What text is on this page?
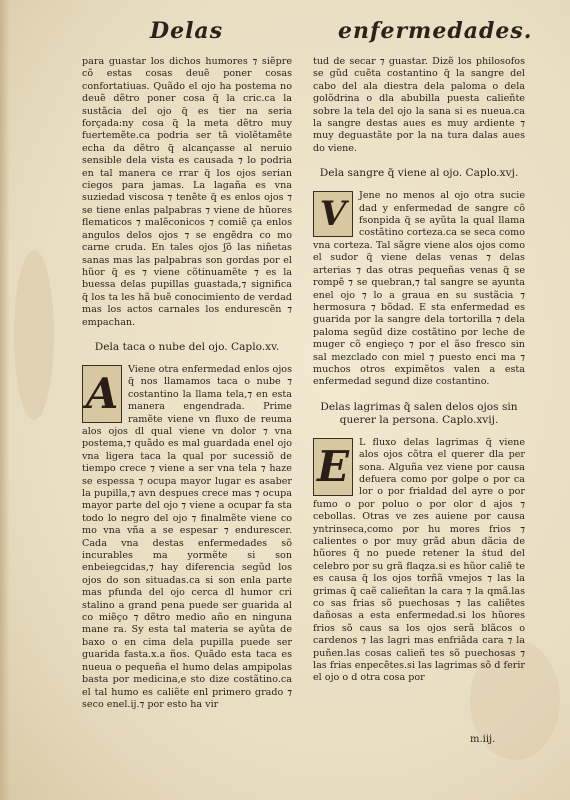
Delas	enfermedades.

para guastar los dichos humores ⁊ siẽpre cõ estas cosas deuẽ poner cosas confortatiuas. Quãdo el ojo ha postema no deuẽ dẽtro poner cosa q̃ la cric.ca la sustãcia del ojo q̃ es tier na seria forçada:ny cosa q̃ la meta dẽtro muy fuertemẽte.ca podria ser tã violẽtamẽte echa da dẽtro q̃ alcançasse al neruio sensible dela vista es causada ⁊ lo podria en tal manera ce rrar q̃ los ojos serian ciegos para jamas. La lagaña es vna suziedad viscosa ⁊ tenẽte q̃ es enlos ojos ⁊ se tiene enlas palpabras ⁊ viene de hũores flematicos ⁊ malẽconicos ⁊ comiẽ ça enlos angulos delos ojos ⁊ se engẽdra co mo carne cruda. En tales ojos ʃõ las niñetas sanas mas las palpabras son gordas por el hũor q̃ es ⁊ viene cõtinuamẽte ⁊ es la buessa delas pupillas guastada,⁊ significa q̃ los ta les hã buẽ conocimiento de verdad mas los actos carnales los endurescẽn ⁊ empachan.

Dela taca o nube del ojo. Caplo.xv.
A	Viene otra enfermedad enlos ojos q̃ nos llamamos taca o nube ⁊ costantino la llama tela,⁊ en esta manera engendrada. Prime ramẽte viene vn fluxo de reuma alos ojos dl qual viene vn dolor ⁊ vna postema,⁊ quãdo es mal guardada enel ojo vna ligera taca la qual por sucessiõ de tiempo crece ⁊ viene a ser vna tela ⁊ haze se espessa ⁊ ocupa mayor lugar es asaber la pupilla,⁊ avn despues crece mas ⁊ ocupa mayor parte del ojo ⁊ viene a ocupar fa sta todo lo negro del ojo ⁊ finalmẽte viene co mo vna vña a se espesar ⁊ endurescer. Cada vna destas enfermedades sõ incurables ma yormẽte si son enbeiegcidas,⁊ hay diferencia segũd los ojos do son situadas.ca si son enla parte mas pfunda del ojo cerca dl humor cri stalino a grand pena puede ser guarida al co miẽço ⁊ dẽtro medio año en ninguna mane ra. Sy esta tal materia se ayũta de baxo o en cima dela pupilla puede ser guarida fasta.x.a ños. Quãdo esta taca es nueua o pequeña el humo delas ampipolas basta por medicina,e sto dize costãtino.ca el tal humo es caliẽte enl primero grado ⁊ seco enel.ij.⁊ por esto ha vir

tud de secar ⁊ guastar. Dizẽ los philosofos se gũd cuẽta costantino q̃ la sangre del cabo del ala diestra dela paloma o dela golõdrina o dla abubilla puesta calieñte sobre la tela del ojo la sana si es nueua.ca la sangre destas aues es muy ardiente ⁊ muy deguastãte por la na tura dalas aues do viene.

Dela sangre q̃ viene al ojo. Caplo.xvj.
V	Jene no menos al ojo otra sucie dad y enfermedad de sangre cõ fsonpida q̃ se ayũta la qual llama costãtino corteza.ca se seca como vna corteza. Tal sãgre viene alos ojos como el sudor q̃ viene delas venas ⁊ delas arterias ⁊ das otras pequeñas venas q̃ se rompẽ ⁊ se quebran,⁊ tal sangre se ayunta enel ojo ⁊ lo a graua en su sustãcia ⁊ hermosura ⁊ bõdad. E sta enfermedad es guarida por la sangre dela tortorilla ⁊ dela paloma segũd dize costãtino por leche de muger cõ engieço ⁊ por el ãso fresco sin sal mezclado con miel ⁊ puesto enci ma ⁊ muchos otros expimẽtos valen a esta enfermedad segund dize costantino.

Delas lagrimas q̃ salen delos ojos sin querer la persona. Caplo.xvij.
E	L fluxo delas lagrimas q̃ viene alos ojos cõtra el querer dla per sona. Alguña vez viene por causa defuera como por golpe o por ca lor o por frialdad del ayre o por fumo o por poluo o por olor d ajos ⁊ cebollas. Otras ve zes auiene por causa yntrinseca,como por hu mores frios ⁊ calientes o por muy grãd abun dãcia de hũores q̃ no puede retener la ṡtud del celebro por su grã flaqza.si es hũor caliẽ te es causa q̃ los ojos torñã vmejos ⁊ las la grimas q̃ caẽ calieñtan la cara ⁊ la qmã.las co sas frias sõ puechosas ⁊ las caliẽtes dañosas a esta enfermedad.si los hũores frios sõ caus sa los ojos serã blãcos o cardenos ⁊ las lagri mas enfriãda cara ⁊ la puñen.las cosas calieñ tes sõ puechosas ⁊ las frias enpecẽtes.si las lagrimas sõ d ferir el ojo o d otra cosa por

m.iij.
